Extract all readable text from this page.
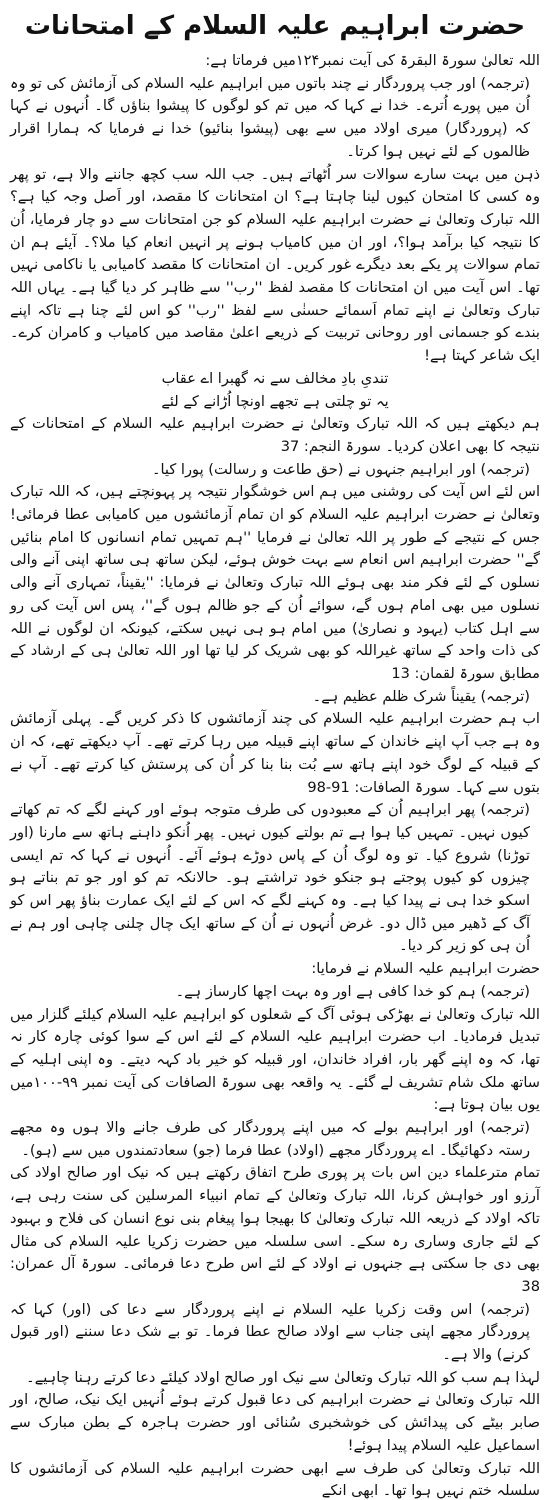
حضرت ابراہیم علیہ السلام کے امتحانات

اللہ تعالیٰ سورۃ البقرۃ کی آیت نمبر۱۲۴میں فرماتا ہے:

(ترجمہ) اور جب پروردگار نے چند باتوں میں ابراہیم علیہ السلام کی آزمائش کی تو وہ اُن میں پورے اُترے۔ خدا نے کہا کہ میں تم کو لوگوں کا پیشوا بناؤں گا۔ اُنہوں نے کہا کہ (پروردگار) میری اولاد میں سے بھی (پیشوا بنائیو) خدا نے فرمایا کہ ہمارا اقرار ظالموں کے لئے نہیں ہوا کرتا۔

ذہن میں بہت سارے سوالات سر اُٹھاتے ہیں۔ جب اللہ سب کچھ جاننے والا ہے، تو پھر وہ کسی کا امتحان کیوں لینا چاہتا ہے؟ ان امتحانات کا مقصد، اور اَصل وجہ کیا ہے؟ اللہ تبارک وتعالیٰ نے حضرت ابراہیم علیہ السلام کو جن امتحانات سے دو چار فرمایا، اُن کا نتیجہ کیا برآمد ہوا؟، اور ان میں کامیاب ہونے پر انہیں انعام کیا ملا؟۔ آیئے ہم ان تمام سوالات پر یکے بعد دیگرے غور کریں۔ ان امتحانات کا مقصد کامیابی یا ناکامی نہیں تھا۔ اس آیت میں ان امتحانات کا مقصد لفظ ''رب'' سے ظاہر کر دیا گیا ہے۔ یہاں اللہ تبارک وتعالیٰ نے اپنے تمام اَسمائے حسنٰی سے لفظ ''رب'' کو اس لئے چنا ہے تاکہ اپنے بندے کو جسمانی اور روحانی تربیت کے ذریعے اعلیٰ مقاصد میں کامیاب و کامران کرے۔ ایک شاعر کہتا ہے!

تندیِ بادِ مخالف سے نہ گھبرا اے عقاب یہ تو چلتی ہے تجھے اونچا اُڑانے کے لئے

ہم دیکھتے ہیں کہ اللہ تبارک وتعالیٰ نے حضرت ابراہیم علیہ السلام کے امتحانات کے نتیجہ کا بھی اعلان کردیا۔ سورۃ النجم: 37

(ترجمہ) اور ابراہیم جنہوں نے (حق طاعت و رسالت) پورا کیا۔

اس لئے اس آیت کی روشنی میں ہم اس خوشگوار نتیجہ پر پہونچتے ہیں، کہ اللہ تبارک وتعالیٰ نے حضرت ابراہیم علیہ السلام کو ان تمام آزمائشوں میں کامیابی عطا فرمائی! جس کے نتیجے کے طور پر اللہ تعالیٰ نے فرمایا ''ہم تمہیں تمام انسانوں کا امام بنائیں گے'' حضرت ابراہیم اس انعام سے بہت خوش ہوئے، لیکن ساتھ ہی ساتھ اپنی آنے والی نسلوں کے لئے فکر مند بھی ہوئے اللہ تبارک وتعالیٰ نے فرمایا: ''یقیناً، تمہاری آنے والی نسلوں میں بھی امام ہوں گے، سوائے اُن کے جو ظالم ہوں گے''، پس اس آیت کی رو سے اہل کتاب (یہود و نصاریٰ) میں امام ہو ہی نہیں سکتے، کیونکہ ان لوگوں نے اللہ کی ذات واحد کے ساتھ غیراللہ کو بھی شریک کر لیا تھا اور اللہ تعالیٰ ہی کے ارشاد کے مطابق سورۃ لقمان: 13

(ترجمہ) یقیناً شرک ظلم عظیم ہے۔

اب ہم حضرت ابراہیم علیہ السلام کی چند آزمائشوں کا ذکر کریں گے۔ پہلی آزمائش وہ ہے جب آپ اپنے خاندان کے ساتھ اپنے قبیلہ میں رہا کرتے تھے۔ آپ دیکھتے تھے، کہ ان کے قبیلہ کے لوگ خود اپنے ہاتھ سے بُت بنا بنا کر اُن کی پرستش کیا کرتے تھے۔ آپ نے بتوں سے کہا۔ سورۃ الصافات: 91-98

(ترجمہ) پھر ابراہیم اُن کے معبودوں کی طرف متوجہ ہوئے اور کہنے لگے کہ تم کھاتے کیوں نہیں۔ تمہیں کیا ہوا ہے تم بولتے کیوں نہیں۔ پھر اُنکو داہنے ہاتھ سے مارنا (اور توڑنا) شروع کیا۔ تو وہ لوگ اُن کے پاس دوڑے ہوئے آئے۔ اُنہوں نے کہا کہ تم ایسی چیزوں کو کیوں پوجتے ہو جنکو خود تراشتے ہو۔ حالانکہ تم کو اور جو تم بناتے ہو اسکو خدا ہی نے پیدا کیا ہے۔ وہ کہنے لگے کہ اس کے لئے ایک عمارت بناؤ پھر اس کو آگ کے ڈھیر میں ڈال دو۔ غرض اُنہوں نے اُن کے ساتھ ایک چال چلنی چاہی اور ہم نے اُن ہی کو زیر کر دیا۔

حضرت ابراہیم علیہ السلام نے فرمایا:

(ترجمہ) ہم کو خدا کافی ہے اور وہ بہت اچھا کارساز ہے۔

اللہ تبارک وتعالیٰ نے بھڑکی ہوئی آگ کے شعلوں کو ابراہیم علیہ السلام کیلئے گلزار میں تبدیل فرمادیا۔ اب حضرت ابراہیم علیہ السلام کے لئے اس کے سوا کوئی چارہ کار نہ تھا، کہ وہ اپنے گھر بار، افراد خاندان، اور قبیلہ کو خیر باد کہہ دیتے۔ وہ اپنی اہلیہ کے ساتھ ملک شام تشریف لے گئے۔ یہ واقعہ بھی سورۃ الصافات کی آیت نمبر ۹۹-۱۰۰میں یوں بیان ہوتا ہے:

(ترجمہ) اور ابراہیم بولے کہ میں اپنے پروردگار کی طرف جانے والا ہوں وہ مجھے رستہ دکھائیگا۔ اے پروردگار مجھے (اولاد) عطا فرما (جو) سعادتمندوں میں سے (ہو)۔

تمام مترعلماء دین اس بات پر پوری طرح اتفاق رکھتے ہیں کہ نیک اور صالح اولاد کی آرزو اور خواہش کرنا، اللہ تبارک وتعالیٰ کے تمام انبیاء المرسلین کی سنت رہی ہے، تاکہ اولاد کے ذریعہ اللہ تبارک وتعالیٰ کا بھیجا ہوا پیغام بنی نوع انسان کی فلاح و بہبود کے لئے جاری وساری رہ سکے۔ اسی سلسلہ میں حضرت زکریا علیہ السلام کی مثال بھی دی جا سکتی ہے جنہوں نے اولاد کے لئے اس طرح دعا فرمائی۔ سورۃ آل عمران: 38

(ترجمہ) اس وقت زکریا علیہ السلام نے اپنے پروردگار سے دعا کی (اور) کہا کہ پروردگار مجھے اپنی جناب سے اولاد صالح عطا فرما۔ تو بے شک دعا سننے (اور قبول کرنے) والا ہے۔

لہذا ہم سب کو اللہ تبارک وتعالیٰ سے نیک اور صالح اولاد کیلئے دعا کرتے رہنا چاہیے۔

اللہ تبارک وتعالیٰ نے حضرت ابراہیم کی دعا قبول کرتے ہوئے اُنہیں ایک نیک، صالح، اور صابر بیٹے کی پیدائش کی خوشخبری سُنائی اور حضرت ہاجرہ کے بطن مبارک سے اسماعیل علیہ السلام پیدا ہوئے!

اللہ تبارک وتعالیٰ کی طرف سے ابھی حضرت ابراہیم علیہ السلام کی آزمائشوں کا سلسلہ ختم نہیں ہوا تھا۔ ابھی انکے
